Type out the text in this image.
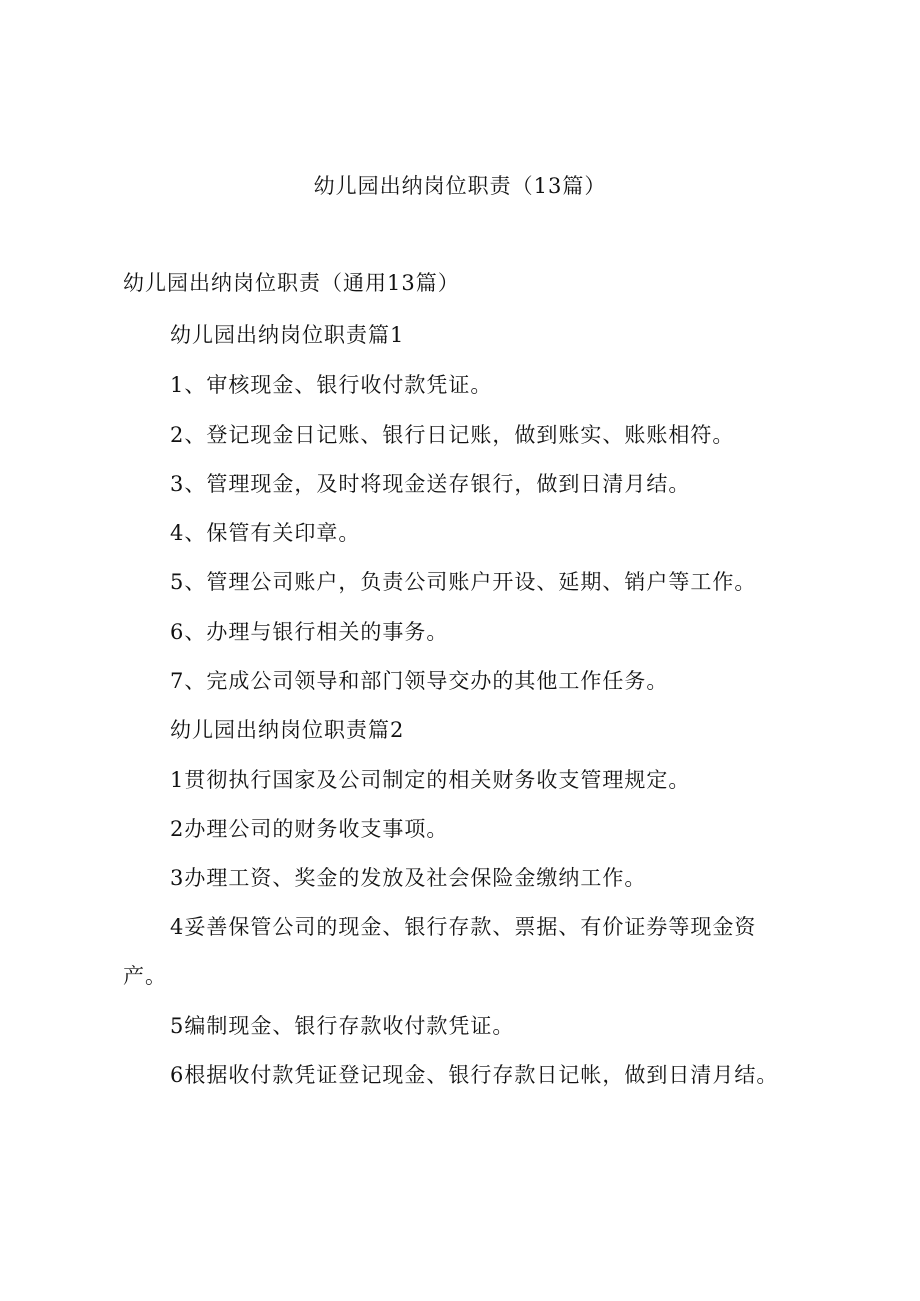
幼儿园出纳岗位职责（13篇）
幼儿园出纳岗位职责（通用13篇）
幼儿园出纳岗位职责篇1
1、审核现金、银行收付款凭证。
2、登记现金日记账、银行日记账，做到账实、账账相符。
3、管理现金，及时将现金送存银行，做到日清月结。
4、保管有关印章。
5、管理公司账户，负责公司账户开设、延期、销户等工作。
6、办理与银行相关的事务。
7、完成公司领导和部门领导交办的其他工作任务。
幼儿园出纳岗位职责篇2
1贯彻执行国家及公司制定的相关财务收支管理规定。
2办理公司的财务收支事项。
3办理工资、奖金的发放及社会保险金缴纳工作。
4妥善保管公司的现金、银行存款、票据、有价证券等现金资
产。
5编制现金、银行存款收付款凭证。
6根据收付款凭证登记现金、银行存款日记帐，做到日清月结。
